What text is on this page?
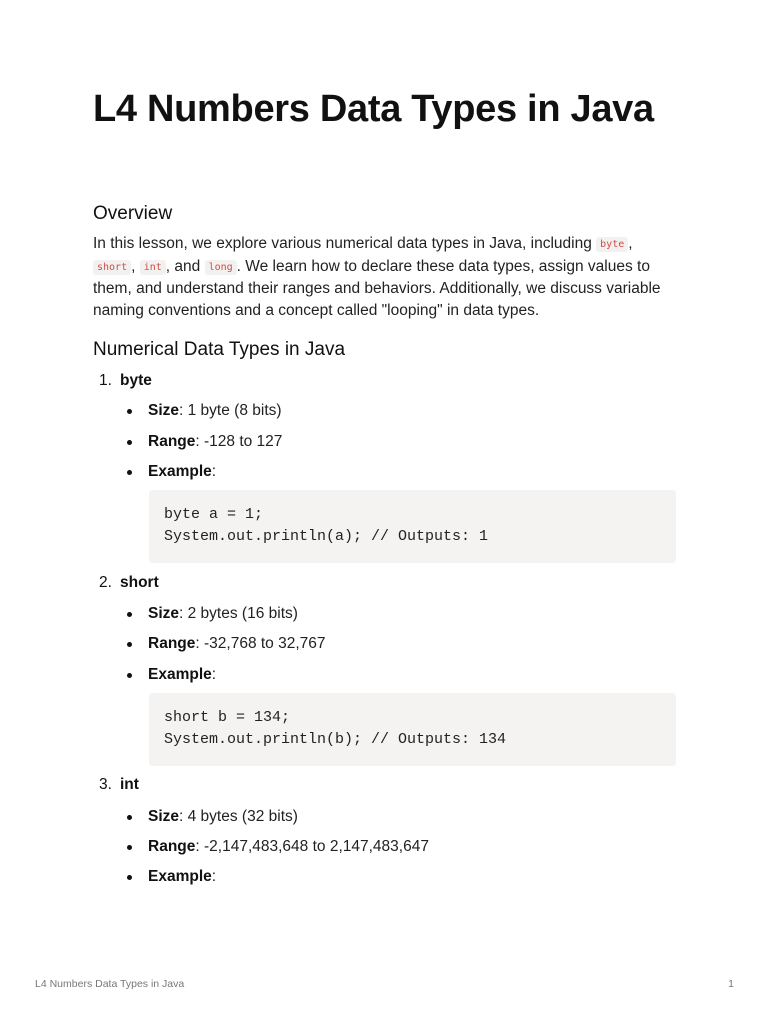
L4 Numbers Data Types in Java
Overview

In this lesson, we explore various numerical data types in Java, including byte ,
short , int , and long . We learn how to declare these data types, assign values to them, and understand their ranges and behaviors. Additionally, we discuss variable naming conventions and a concept called "looping" in data types.

Numerical Data Types in Java
1. byte
Size: 1 byte (8 bits)
Range: -128 to 127
Example:
byte a = 1;
System.out.println(a); // Outputs: 1
2. short
Size: 2 bytes (16 bits)
Range: -32,768 to 32,767
Example:
short b = 134;
System.out.println(b); // Outputs: 134
3. int
Size: 4 bytes (32 bits)
Range: -2,147,483,648 to 2,147,483,647
Example:
L4 Numbers Data Types in Java	1
